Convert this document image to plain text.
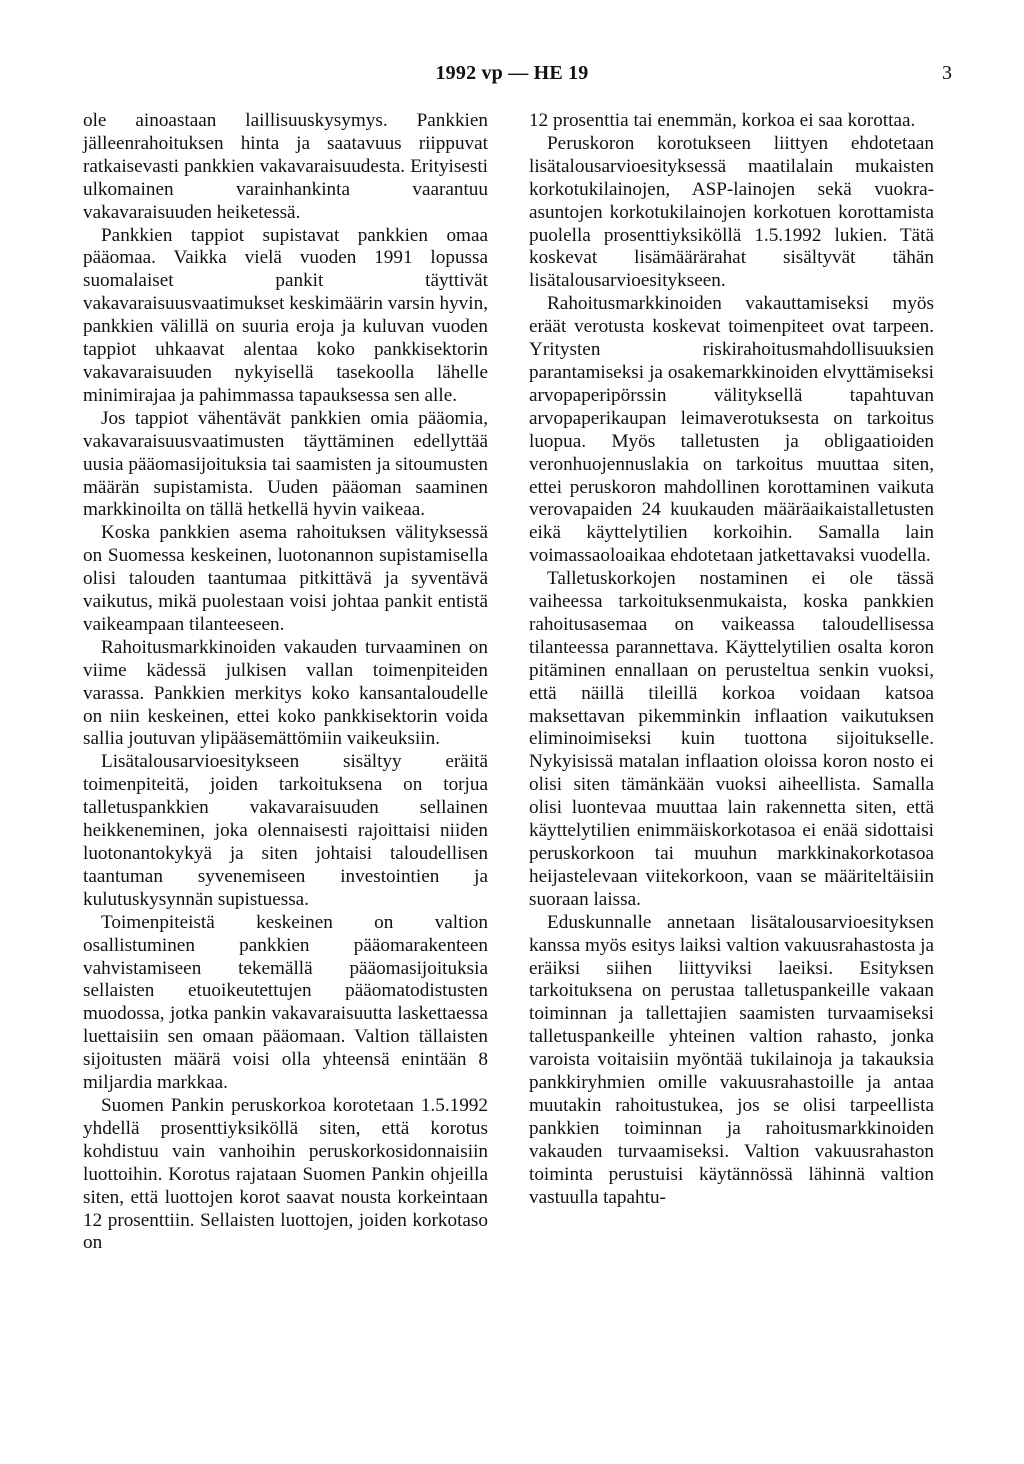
1992 vp — HE 19	3

ole ainoastaan laillisuuskysymys. Pankkien jälleenrahoituksen hinta ja saatavuus riippuvat ratkaisevasti pankkien vakavaraisuudesta. Erityisesti ulkomainen varainhankinta vaarantuu vakavaraisuuden heiketessä.

Pankkien tappiot supistavat pankkien omaa pääomaa. Vaikka vielä vuoden 1991 lopussa suomalaiset pankit täyttivät vakavaraisuusvaatimukset keskimäärin varsin hyvin, pankkien välillä on suuria eroja ja kuluvan vuoden tappiot uhkaavat alentaa koko pankkisektorin vakavaraisuuden nykyisellä tasekoolla lähelle minimirajaa ja pahimmassa tapauksessa sen alle.

Jos tappiot vähentävät pankkien omia pääomia, vakavaraisuusvaatimusten täyttäminen edellyttää uusia pääomasijoituksia tai saamisten ja sitoumusten määrän supistamista. Uuden pääoman saaminen markkinoilta on tällä hetkellä hyvin vaikeaa.

Koska pankkien asema rahoituksen välityksessä on Suomessa keskeinen, luotonannon supistamisella olisi talouden taantumaa pitkittävä ja syventävä vaikutus, mikä puolestaan voisi johtaa pankit entistä vaikeampaan tilanteeseen.

Rahoitusmarkkinoiden vakauden turvaaminen on viime kädessä julkisen vallan toimenpiteiden varassa. Pankkien merkitys koko kansantaloudelle on niin keskeinen, ettei koko pankkisektorin voida sallia joutuvan ylipääsemättömiin vaikeuksiin.

Lisätalousarvioesitykseen sisältyy eräitä toimenpiteitä, joiden tarkoituksena on torjua talletuspankkien vakavaraisuuden sellainen heikkeneminen, joka olennaisesti rajoittaisi niiden luotonantokykyä ja siten johtaisi taloudellisen taantuman syvenemiseen investointien ja kulutuskysynnän supistuessa.

Toimenpiteistä keskeinen on valtion osallistuminen pankkien pääomarakenteen vahvistamiseen tekemällä pääomasijoituksia sellaisten etuoikeutettujen pääomatodistusten muodossa, jotka pankin vakavaraisuutta laskettaessa luettaisiin sen omaan pääomaan. Valtion tällaisten sijoitusten määrä voisi olla yhteensä enintään 8 miljardia markkaa.

Suomen Pankin peruskorkoa korotetaan 1.5.1992 yhdellä prosenttiyksiköllä siten, että korotus kohdistuu vain vanhoihin peruskorkosidonnaisiin luottoihin. Korotus rajataan Suomen Pankin ohjeilla siten, että luottojen korot saavat nousta korkeintaan 12 prosenttiin. Sellaisten luottojen, joiden korkotaso on

12 prosenttia tai enemmän, korkoa ei saa korottaa.

Peruskoron korotukseen liittyen ehdotetaan lisätalousarvioesityksessä maatilalain mukaisten korkotukilainojen, ASP-lainojen sekä vuokra-asuntojen korkotukilainojen korkotuen korottamista puolella prosenttiyksiköllä 1.5.1992 lukien. Tätä koskevat lisämäärärahat sisältyvät tähän lisätalousarvioesitykseen.

Rahoitusmarkkinoiden vakauttamiseksi myös eräät verotusta koskevat toimenpiteet ovat tarpeen. Yritysten riskirahoitusmahdollisuuksien parantamiseksi ja osakemarkkinoiden elvyttämiseksi arvopaperipörssin välityksellä tapahtuvan arvopaperikaupan leimaverotuksesta on tarkoitus luopua. Myös talletusten ja obligaatioiden veronhuojennuslakia on tarkoitus muuttaa siten, ettei peruskoron mahdollinen korottaminen vaikuta verovapaiden 24 kuukauden määräaikaistalletusten eikä käyttelytilien korkoihin. Samalla lain voimassaoloaikaa ehdotetaan jatkettavaksi vuodella.

Talletuskorkojen nostaminen ei ole tässä vaiheessa tarkoituksenmukaista, koska pankkien rahoitusasemaa on vaikeassa taloudellisessa tilanteessa parannettava. Käyttelytilien osalta koron pitäminen ennallaan on perusteltua senkin vuoksi, että näillä tileillä korkoa voidaan katsoa maksettavan pikemminkin inflaation vaikutuksen eliminoimiseksi kuin tuottona sijoitukselle. Nykyisissä matalan inflaation oloissa koron nosto ei olisi siten tämänkään vuoksi aiheellista. Samalla olisi luontevaa muuttaa lain rakennetta siten, että käyttelytilien enimmäiskorkotasoa ei enää sidottaisi peruskorkoon tai muuhun markkinakorkotasoa heijastelevaan viitekorkoon, vaan se määriteltäisiin suoraan laissa.

Eduskunnalle annetaan lisätalousarvioesityksen kanssa myös esitys laiksi valtion vakuusrahastosta ja eräiksi siihen liittyviksi laeiksi. Esityksen tarkoituksena on perustaa talletuspankeille vakaan toiminnan ja tallettajien saamisten turvaamiseksi talletuspankeille yhteinen valtion rahasto, jonka varoista voitaisiin myöntää tukilainoja ja takauksia pankkiryhmien omille vakuusrahastoille ja antaa muutakin rahoitustukea, jos se olisi tarpeellista pankkien toiminnan ja rahoitusmarkkinoiden vakauden turvaamiseksi. Valtion vakuusrahaston toiminta perustuisi käytännössä lähinnä valtion vastuulla tapahtu-
